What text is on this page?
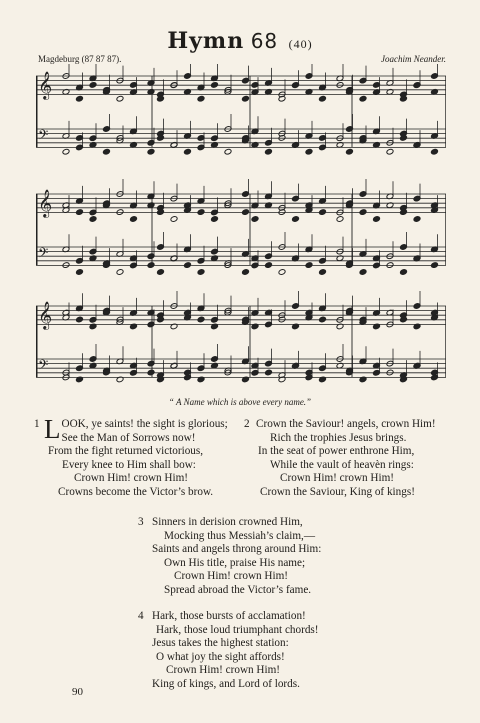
Hymn 68 (40)
Magdeburg (87 87 87).	Joachim Neander.
𝄞
𝄢
𝄞
𝄢
𝄞
𝄢
“ A Name which is above every name.”
1 LOOK, ye saints! the sight is glorious;
See the Man of Sorrows now!
From the fight returned victorious,
Every knee to Him shall bow:
Crown Him! crown Him!
Crowns become the Victor’s brow.
2 Crown the Saviour! angels, crown Him!
Rich the trophies Jesus brings.
In the seat of power enthrone Him,
While the vault of heavèn rings:
Crown Him! crown Him!
Crown the Saviour, King of kings!
3 Sinners in derision crowned Him,
Mocking thus Messiah’s claim,—
Saints and angels throng around Him:
Own His title, praise His name;
Crown Him! crown Him!
Spread abroad the Victor’s fame.
4 Hark, those bursts of acclamation!
Hark, those loud triumphant chords!
Jesus takes the highest station:
O what joy the sight affords!
Crown Him! crown Him!
King of kings, and Lord of lords.
90
